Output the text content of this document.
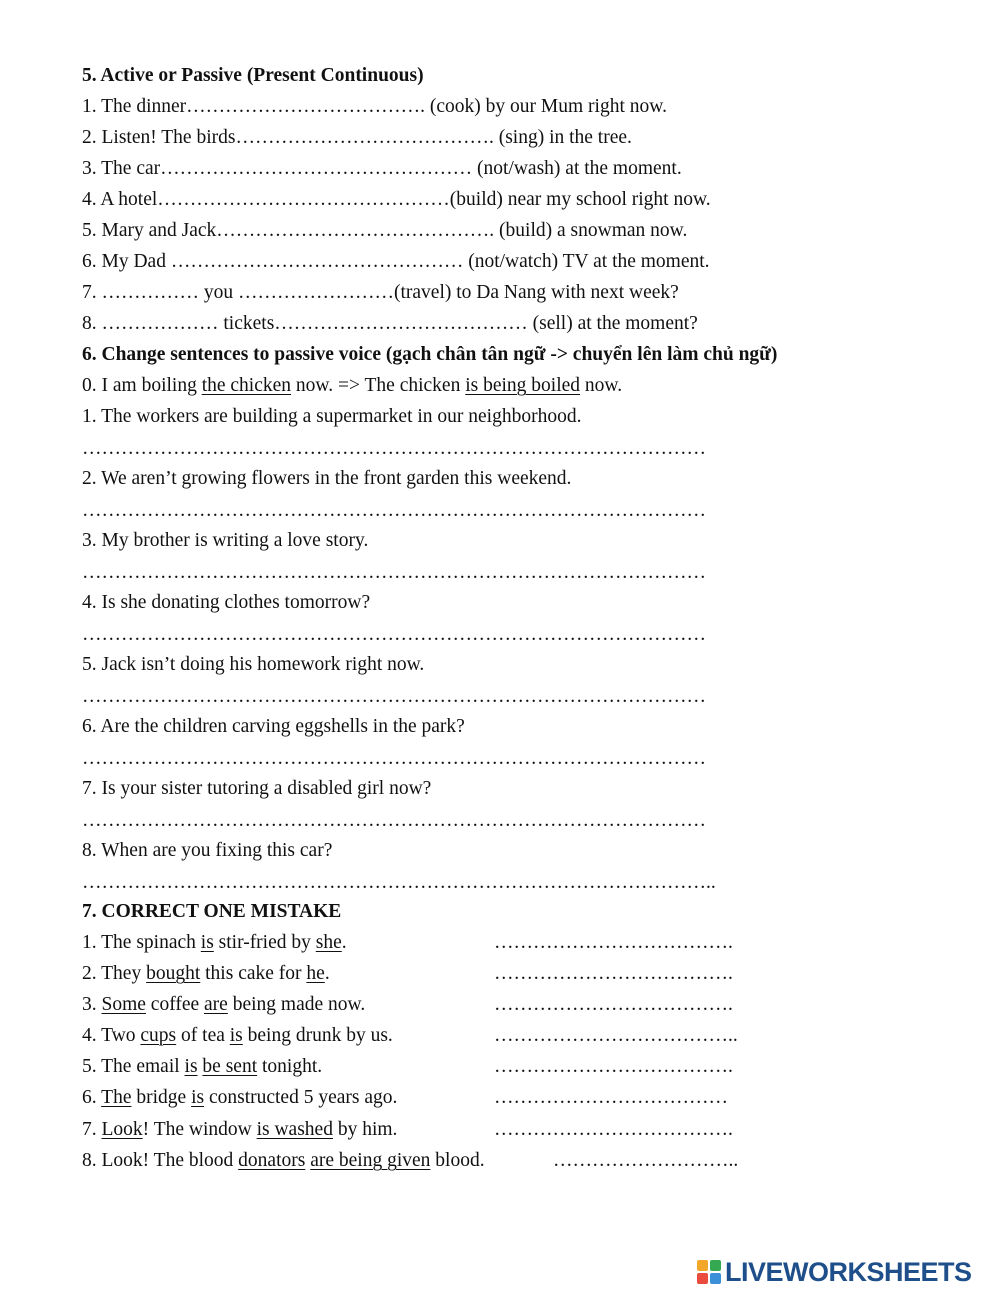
5. Active or Passive (Present Continuous)
1. The dinner………………………………. (cook) by our Mum right now.
2. Listen! The birds…………………………………. (sing) in the tree.
3. The car………………………………………… (not/wash) at the moment.
4. A hotel………………………………………(build) near my school right now.
5. Mary and Jack……………………………………. (build) a snowman now.
6. My Dad ……………………………………… (not/watch) TV at the moment.
7. …………… you ……………………(travel) to Da Nang with next week?
8. ……………… tickets………………………………… (sell) at the moment?
6. Change sentences to passive voice (gạch chân tân ngữ -> chuyển lên làm chủ ngữ)
0. I am boiling the chicken now. => The chicken is being boiled now.
1. The workers are building a supermarket in our neighborhood.
……………………………………………………………………………………
2. We aren’t growing flowers in the front garden this weekend.
……………………………………………………………………………………
3. My brother is writing a love story.
……………………………………………………………………………………
4. Is she donating clothes tomorrow?
……………………………………………………………………………………
5. Jack isn’t doing his homework right now.
……………………………………………………………………………………
6. Are the children carving eggshells in the park?
……………………………………………………………………………………
7. Is your sister tutoring a disabled girl now?
……………………………………………………………………………………
8. When are you fixing this car?
……………………………………………………………………………………..
7. CORRECT ONE MISTAKE
1. The spinach is stir-fried by she.	……………………………….
2. They bought this cake for he.	……………………………….
3. Some coffee are being made now.	……………………………….
4. Two cups of tea is being drunk by us.	………………………………..
5. The email is be sent tonight.	……………………………….
6. The bridge is constructed 5 years ago.	………………………………
7. Look! The window is washed by him.	……………………………….
8. Look! The blood donators are being given blood.	………………………..
LIVEWORKSHEETS
